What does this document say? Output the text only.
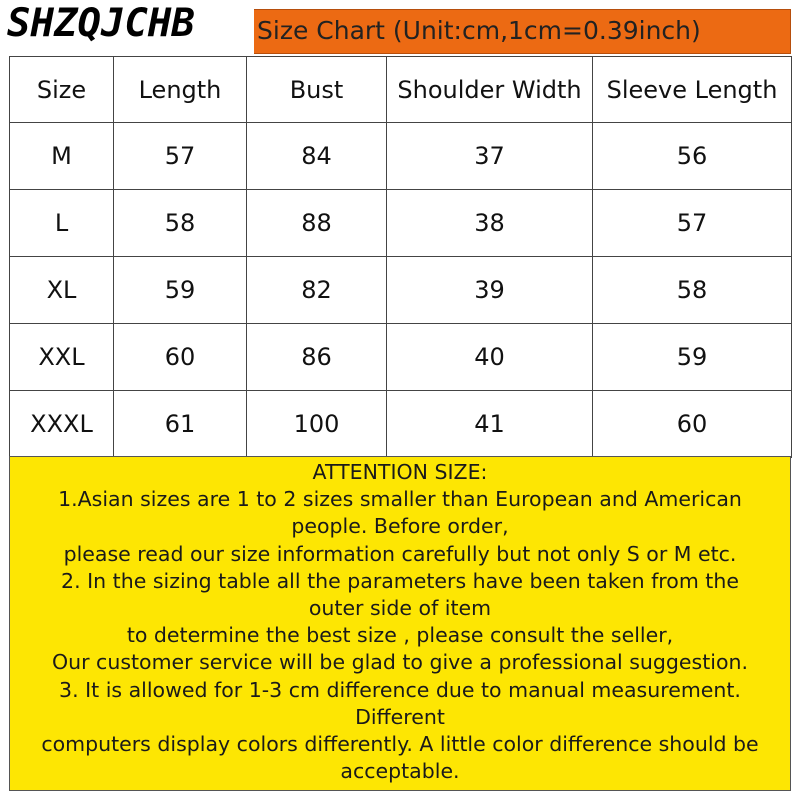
Size Chart (Unit:cm,1cm=0.39inch)
SHZQJCHB
Size	Length	Bust	Shoulder Width	Sleeve Length
M	57	84	37	56
L	58	88	38	57
XL	59	82	39	58
XXL	60	86	40	59
XXXL	61	100	41	60
ATTENTION SIZE:
1.Asian sizes are 1 to 2 sizes smaller than European and American
people. Before order,
please read our size information carefully but not only S or M etc.
2. In the sizing table all the parameters have been taken from the
outer side of item
to determine the best size , please consult the seller,
Our customer service will be glad to give a professional suggestion.
3. It is allowed for 1-3 cm difference due to manual measurement.
Different
computers display colors differently. A little color difference should be
acceptable.
